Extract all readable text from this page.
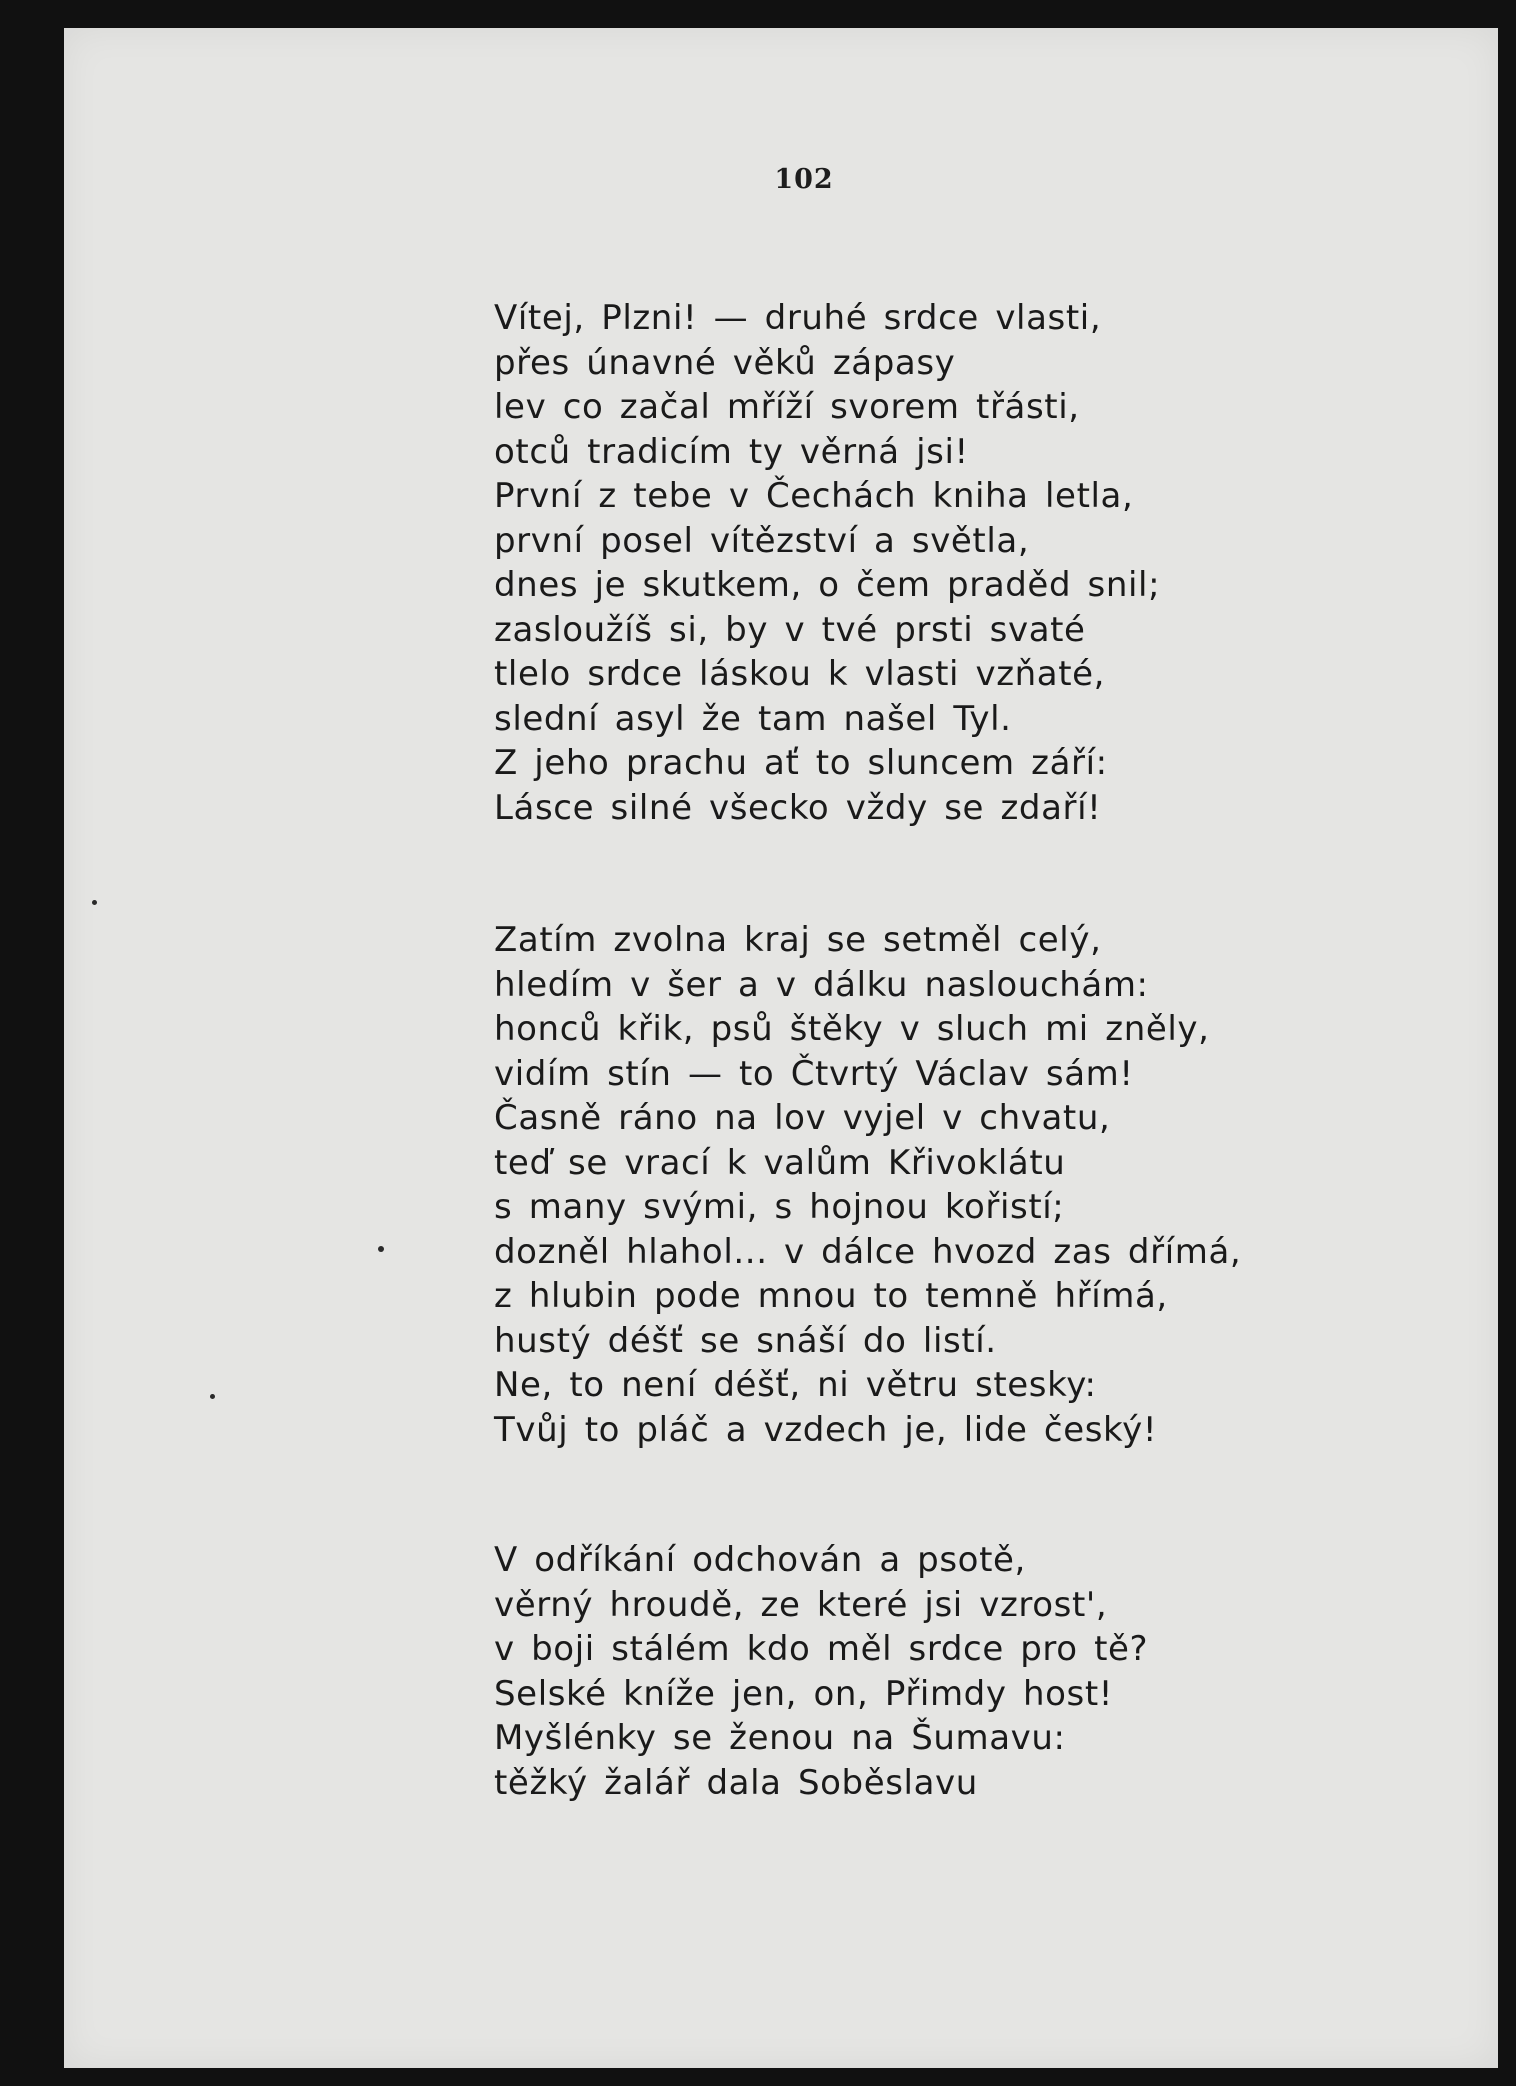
102
Vítej, Plzni! — druhé srdce vlasti,
přes únavné věků zápasy
lev co začal mříží svorem třásti,
otců tradicím ty věrná jsi!
První z tebe v Čechách kniha letla,
první posel vítězství a světla,
dnes je skutkem, o čem praděd snil;
zasloužíš si, by v tvé prsti svaté
tlelo srdce láskou k vlasti vzňaté,
slední asyl že tam našel Tyl.
Z jeho prachu ať to sluncem září:
Lásce silné všecko vždy se zdaří!
Zatím zvolna kraj se setměl celý,
hledím v šer a v dálku naslouchám:
honců křik, psů štěky v sluch mi zněly,
vidím stín — to Čtvrtý Václav sám!
Časně ráno na lov vyjel v chvatu,
teď se vrací k valům Křivoklátu
s many svými, s hojnou kořistí;
dozněl hlahol... v dálce hvozd zas dřímá,
z hlubin pode mnou to temně hřímá,
hustý déšť se snáší do listí.
Ne, to není déšť, ni větru stesky:
Tvůj to pláč a vzdech je, lide český!
V odříkání odchován a psotě,
věrný hroudě, ze které jsi vzrost',
v boji stálém kdo měl srdce pro tě?
Selské kníže jen, on, Přimdy host!
Myšlénky se ženou na Šumavu:
těžký žalář dala Soběslavu
